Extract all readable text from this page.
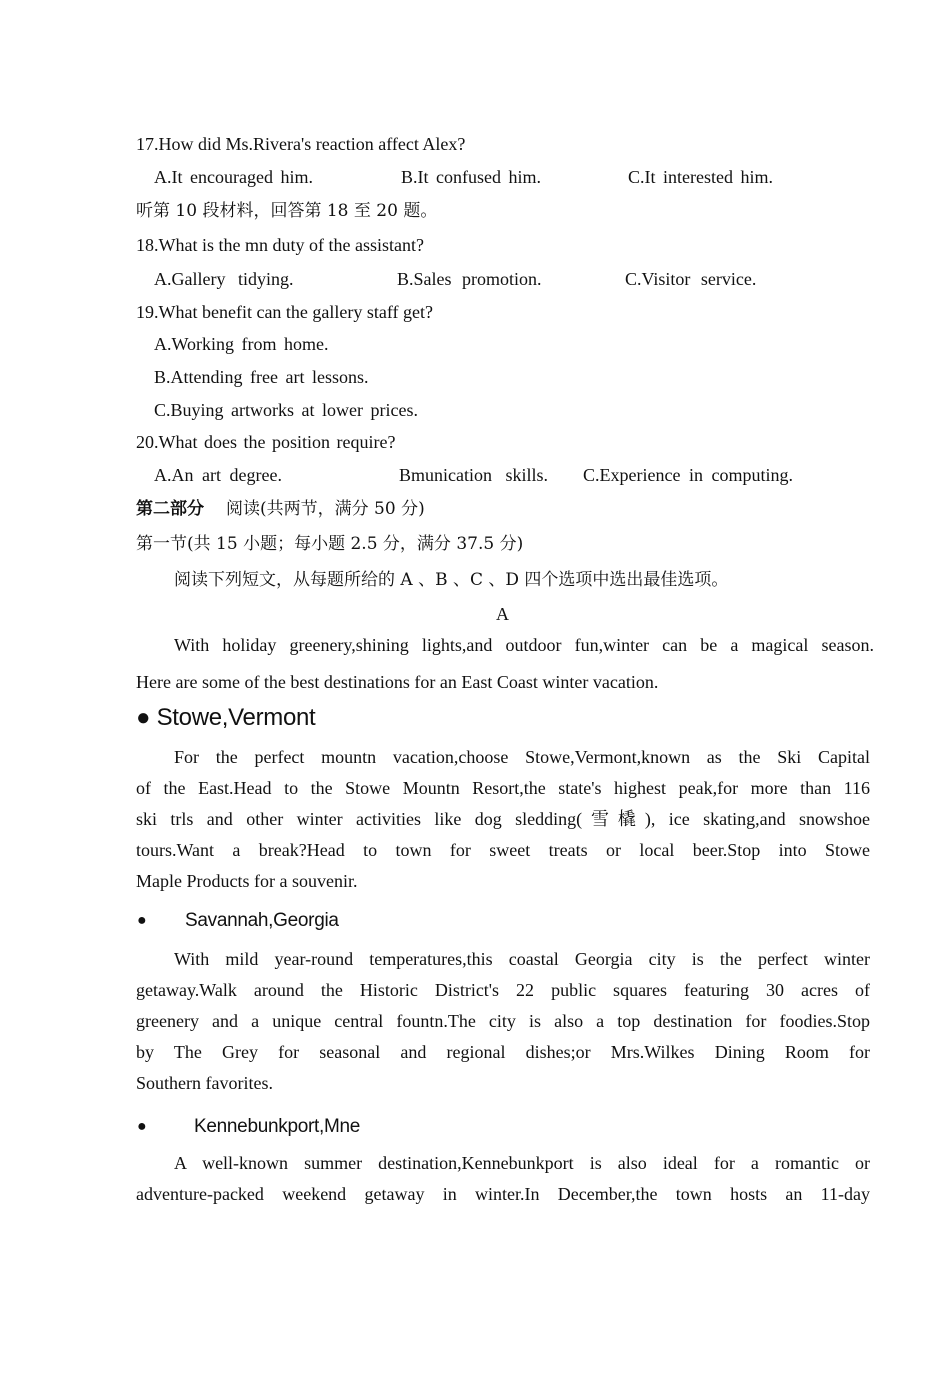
17.How did Ms.Rivera's reaction affect Alex?
A.It encouraged him.	B.It confused him.	C.It interested him.
听第 10 段材料，回答第 18 至 20 题。
18.What is the mn duty of the assistant?
A.Gallery tidying.	B.Sales promotion.	C.Visitor service.
19.What benefit can the gallery staff get?
A.Working from home.
B.Attending free art lessons.
C.Buying artworks at lower prices.
20.What does the position require?
A.An art degree.	Bmunication skills. C.Experience in computing.
第二部分 阅读(共两节，满分 50 分)
第一节(共 15 小题；每小题 2.5 分，满分 37.5 分)
阅读下列短文，从每题所给的 A 、B 、C 、D 四个选项中选出最佳选项。
A
With holiday greenery,shining lights,and outdoor fun,winter can be a magical season.
Here are some of the best destinations for an East Coast winter vacation.
● Stowe,Vermont
For the perfect mountn vacation,choose Stowe,Vermont,known as the Ski Capital
of the East.Head to the Stowe Mountn Resort,the state's highest peak,for more than 116
ski trls and other winter activities like dog sledding(雪橇), ice skating,and snowshoe
tours.Want a break?Head to town for sweet treats or local beer.Stop into Stowe
Maple Products for a souvenir.
● Savannah,Georgia
With mild year-round temperatures,this coastal Georgia city is the perfect winter
getaway.Walk around the Historic District's 22 public squares featuring 30 acres of
greenery and a unique central fountn.The city is also a top destination for foodies.Stop
by The Grey for seasonal and regional dishes;or Mrs.Wilkes Dining Room for
Southern favorites.
● Kennebunkport,Mne
A well-known summer destination,Kennebunkport is also ideal for a romantic or
adventure-packed weekend getaway in winter.In December,the town hosts an 11-day
